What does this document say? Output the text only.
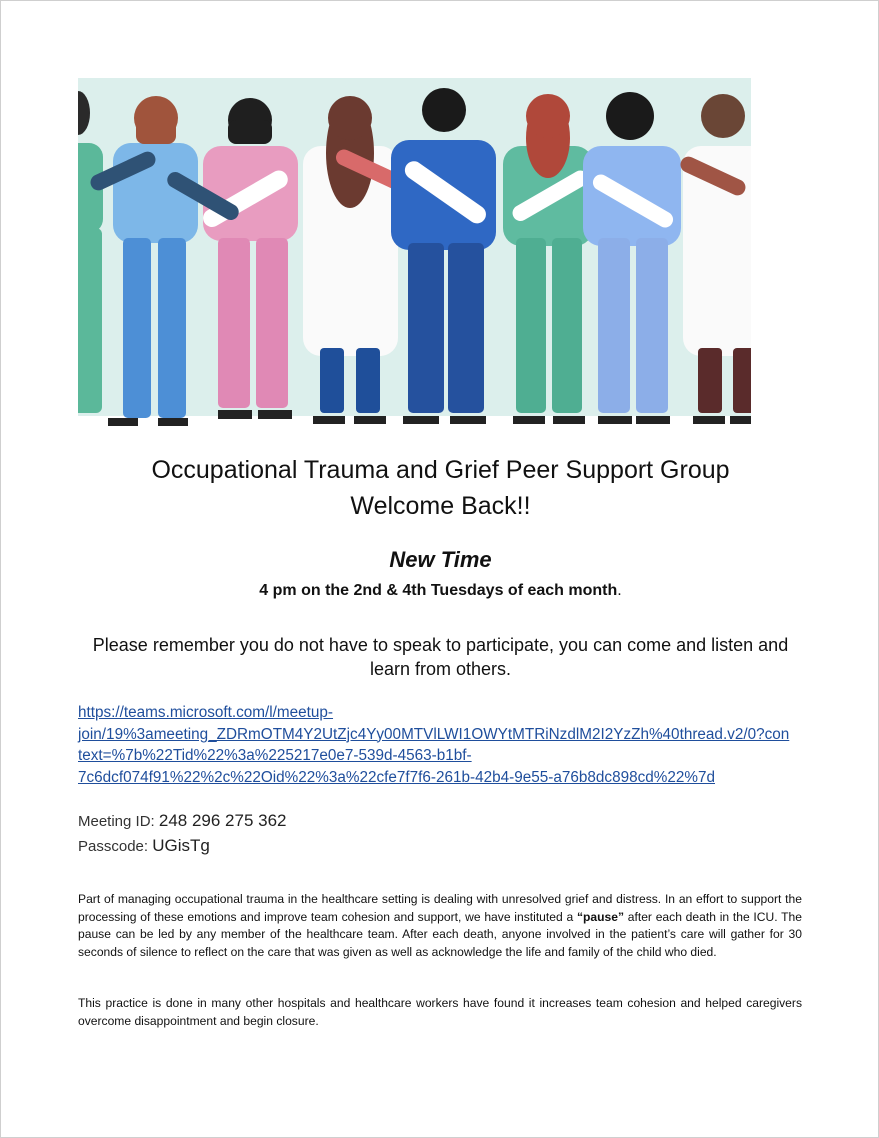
Occupational Trauma and Grief Peer Support Group
Welcome Back!!
New Time
4 pm on the 2nd & 4th Tuesdays of each month.
Please remember you do not have to speak to participate, you can come and listen and learn from others.
https://teams.microsoft.com/l/meetup-
join/19%3ameeting_ZDRmOTM4Y2UtZjc4Yy00MTVlLWI1OWYtMTRiNzdlM2I2YzZh%40thread.v2/0?con
text=%7b%22Tid%22%3a%225217e0e7-539d-4563-b1bf-
7c6dcf074f91%22%2c%22Oid%22%3a%22cfe7f7f6-261b-42b4-9e55-a76b8dc898cd%22%7d
Meeting ID: 248 296 275 362
Passcode: UGisTg
Part of managing occupational trauma in the healthcare setting is dealing with unresolved grief and distress. In an effort to support the processing of these emotions and improve team cohesion and support, we have instituted a “pause” after each death in the ICU. The pause can be led by any member of the healthcare team. After each death, anyone involved in the patient’s care will gather for 30 seconds of silence to reflect on the care that was given as well as acknowledge the life and family of the child who died.
This practice is done in many other hospitals and healthcare workers have found it increases team cohesion and helped caregivers overcome disappointment and begin closure.
